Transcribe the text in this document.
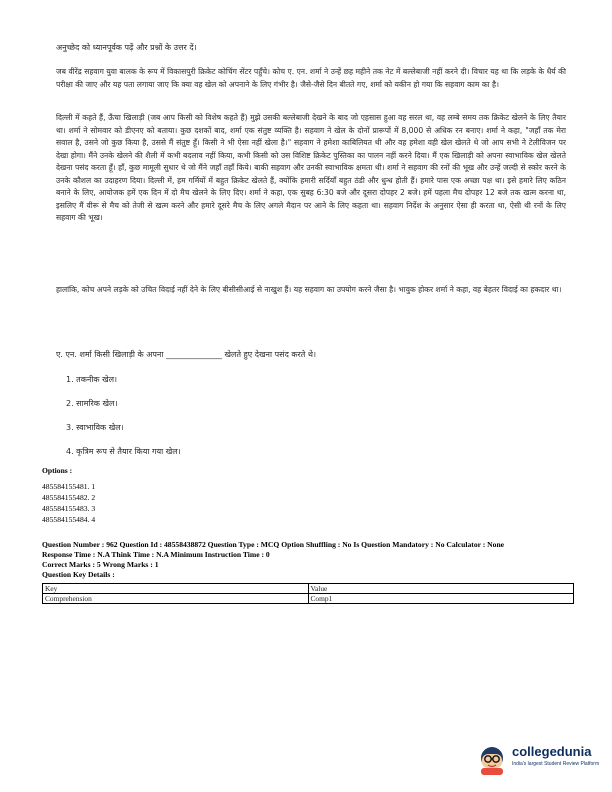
अनुच्छेद को ध्यानपूर्वक पढ़ें और प्रश्नों के उत्तर दें।
जब वीरेंद्र सहवाग युवा बालक के रूप में विकासपुरी क्रिकेट कोचिंग सेंटर पहुँचे। कोच ए. एन. शर्मा ने उन्हें छह महीने तक नेट में बल्लेबाजी नहीं करने दी। विचार यह था कि लड़के के धैर्य की परीक्षा की जाए और यह पता लगाया जाए कि क्या वह खेल को अपनाने के लिए गंभीर है। जैसे-जैसे दिन बीतते गए, शर्मा को यकीन हो गया कि सहवाग काम का है।
दिल्ली में कहते हैं, ऊँचा खिलाड़ी (जब आप किसी को विशेष कहते हैं) मुझे उसकी बल्लेबाजी देखने के बाद जो एहसास हुआ वह सरल था, वह लम्बे समय तक क्रिकेट खेलने के लिए तैयार था। शर्मा ने सोमवार को डीएनए को बताया। कुछ दशकों बाद, शर्मा एक संतुष्ट व्यक्ति है। सहवाग ने खेल के दोनों प्रारूपों में 8,000 से अधिक रन बनाए। शर्मा ने कहा, "जहाँ तक मेरा सवाल है, उसने जो कुछ किया है, उससे मैं संतुष्ट हूँ। किसी ने भी ऐसा नहीं खेला है।" सहवाग ने हमेशा काबिलियत थी और वह हमेशा वही खेल खेलते थे जो आप सभी ने टेलीविजन पर देखा होगा। मैंने उनके खेलने की शैली में कभी बदलाव नहीं किया, कभी किसी को उस विशिष्ट क्रिकेट पुस्तिका का पालन नहीं करने दिया। मैं एक खिलाड़ी को अपना स्वाभाविक खेल खेलते देखना पसंद करता हूँ। हाँ, कुछ मामूली सुधार थे जो मैंने जहाँ तहाँ किये। बाकी सहवाग और उनकी स्वाभाविक क्षमता थी। शर्मा ने सहवाग की रनों की भूख और उन्हें जल्दी से स्कोर करने के उनके कौशल का उदाहरण दिया। दिल्ली में, हम गर्मियों में बहुत क्रिकेट खेलते हैं, क्योंकि हमारी सर्दियाँ बहुत ठंडी और धुन्ध होती हैं। हमारे पास एक अच्छा पक्ष था। इसे हमारे लिए कठिन बनाने के लिए, आयोजक हमें एक दिन में दो मैच खेलने के लिए दिए। शर्मा ने कहा, एक सुबह 6:30 बजे और दूसरा दोपहर 2 बजे। हमें पहला मैच दोपहर 12 बजे तक खत्म करना था, इसलिए मैं वीरू से मैच को तेजी से खत्म करने और हमारे दूसरे मैच के लिए अगले मैदान पर आने के लिए कहता था। सहवाग निर्देश के अनुसार ऐसा ही करता था, ऐसी थी रनों के लिए सहवाग की भूख।
हालांकि, कोच अपने लड़के को उचित विदाई नहीं देने के लिए बीसीसीआई से नाखुश हैं। यह सहवाग का उपयोग करने जैसा है। भावुक होकर शर्मा ने कहा, वह बेहतर विदाई का हकदार था।
ए. एन. शर्मा किसी खिलाड़ी के अपना ______________ खेलते हुए देखना पसंद करते थे।
1. तकनीक खेल।
2. सामरिक खेल।
3. स्वाभाविक खेल।
4. कृत्रिम रूप से तैयार किया गया खेल।
Options :
485584155481. 1
485584155482. 2
485584155483. 3
485584155484. 4
Question Number : 962 Question Id : 48558438872 Question Type : MCQ Option Shuffling : No Is Question Mandatory : No Calculator : None
Response Time : N.A Think Time : N.A Minimum Instruction Time : 0
Correct Marks : 5 Wrong Marks : 1
Question Key Details :
Key	Value
Comprehension	Comp1
collegedunia
India's largest Student Review Platform
